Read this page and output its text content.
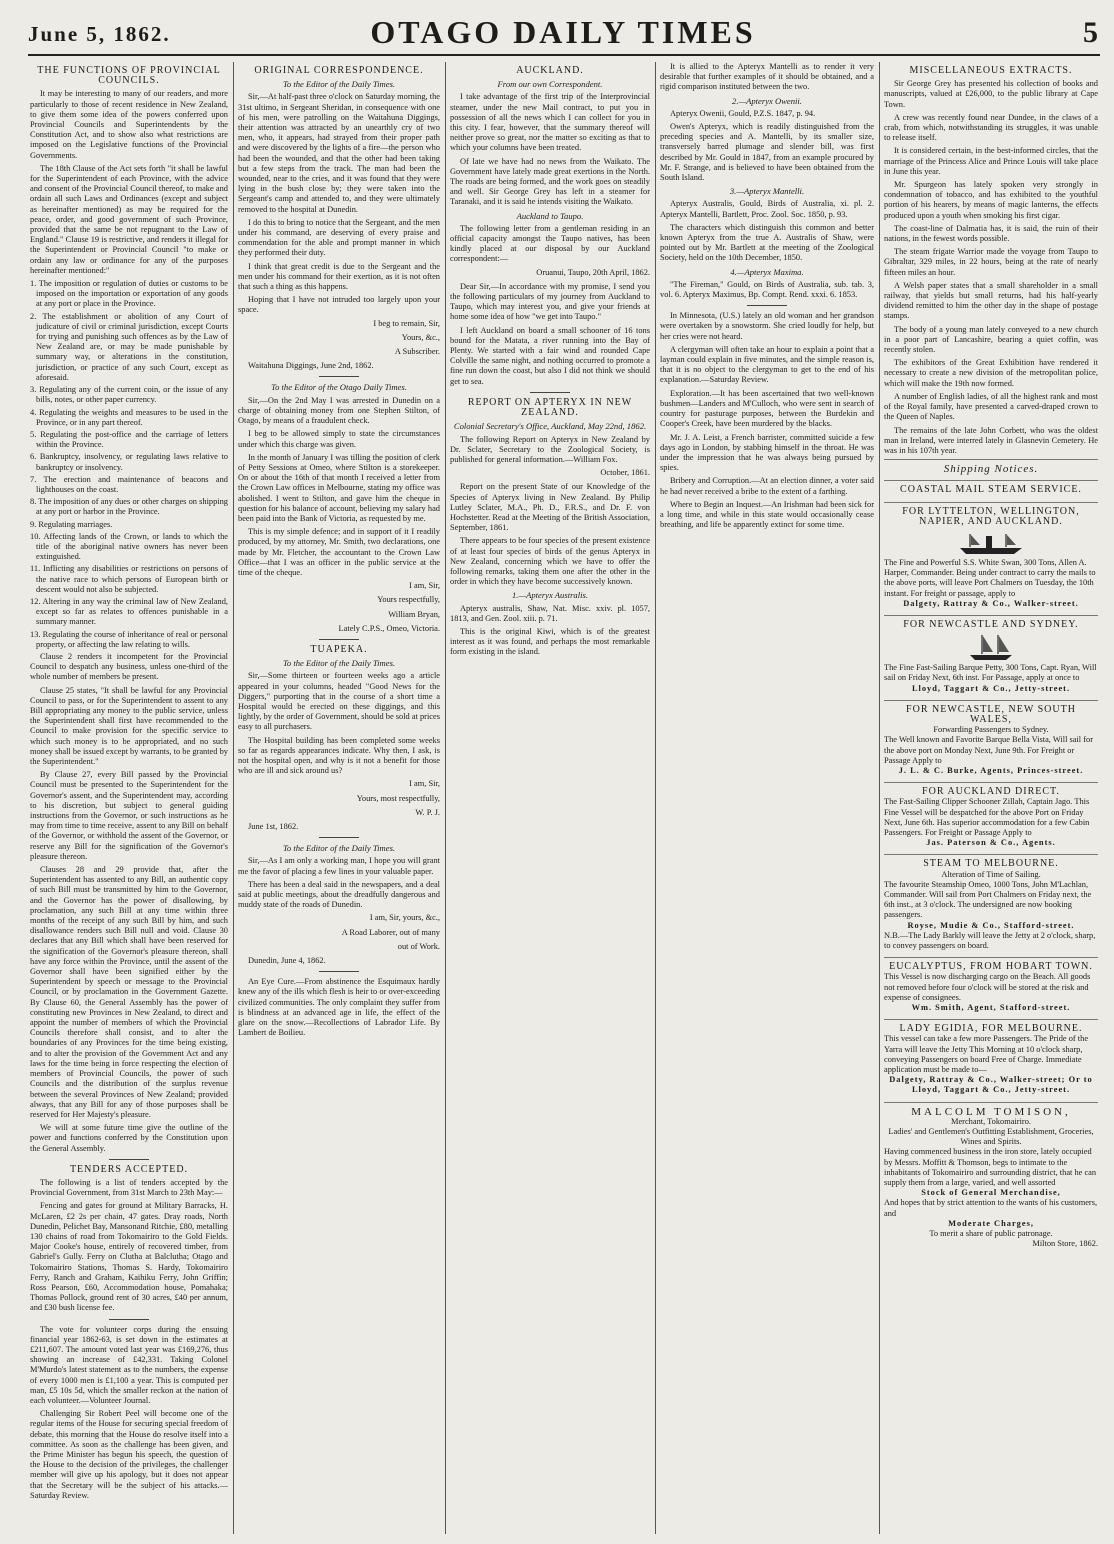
June 5, 1862.	OTAGO DAILY TIMES	5
THE FUNCTIONS OF PROVINCIAL COUNCILS.

It may be interesting to many of our readers, and more particularly to those of recent residence in New Zealand, to give them some idea of the powers conferred upon Provincial Councils and Superintendents by the Constitution Act, and to show also what restrictions are imposed on the Legislative functions of the Provincial Governments.

The 18th Clause of the Act sets forth "it shall be lawful for the Superintendent of each Province, with the advice and consent of the Provincial Council thereof, to make and ordain all such Laws and Ordinances (except and subject as hereinafter mentioned) as may be required for the peace, order, and good government of such Province, provided that the same be not repugnant to the Law of England." Clause 19 is restrictive, and renders it illegal for the Superintendent or Provincial Council "to make or ordain any law or ordinance for any of the purposes hereinafter mentioned:"

1. The imposition or regulation of duties or customs to be imposed on the importation or exportation of any goods at any port or place in the Province.
2. The establishment or abolition of any Court of judicature of civil or criminal jurisdiction, except Courts for trying and punishing such offences as by the Law of New Zealand are, or may be made punishable by summary way, or alterations in the constitution, jurisdiction, or practice of any such Court, except as aforesaid.
3. Regulating any of the current coin, or the issue of any bills, notes, or other paper currency.
4. Regulating the weights and measures to be used in the Province, or in any part thereof.
5. Regulating the post-office and the carriage of letters within the Province.
6. Bankruptcy, insolvency, or regulating laws relative to bankruptcy or insolvency.
7. The erection and maintenance of beacons and lighthouses on the coast.
8. The imposition of any dues or other charges on shipping at any port or harbor in the Province.
9. Regulating marriages.
10. Affecting lands of the Crown, or lands to which the title of the aboriginal native owners has never been extinguished.
11. Inflicting any disabilities or restrictions on persons of the native race to which persons of European birth or descent would not also be subjected.
12. Altering in any way the criminal law of New Zealand, except so far as relates to offences punishable in a summary manner.
13. Regulating the course of inheritance of real or personal property, or affecting the law relating to wills.

Clause 2 renders it incompetent for the Provincial Council to despatch any business, unless one-third of the whole number of members be present.

Clause 25 states, "It shall be lawful for any Provincial Council to pass, or for the Superintendent to assent to any Bill appropriating any money to the public service, unless the Superintendent shall first have recommended to the Council to make provision for the specific service to which such money is to be appropriated, and no such money shall be issued except by warrants, to be granted by the Superintendent."

By Clause 27, every Bill passed by the Provincial Council must be presented to the Superintendent for the Governor's assent, and the Superintendent may, according to his discretion, but subject to general guiding instructions from the Governor, or such instructions as he may from time to time receive, assent to any Bill on behalf of the Governor, or withhold the assent of the Governor, or reserve any Bill for the signification of the Governor's pleasure thereon.

Clauses 28 and 29 provide that, after the Superintendent has assented to any Bill, an authentic copy of such Bill must be transmitted by him to the Governor, and the Governor has the power of disallowing, by proclamation, any such Bill at any time within three months of the receipt of any such Bill by him, and such disallowance renders such Bill null and void. Clause 30 declares that any Bill which shall have been reserved for the signification of the Governor's pleasure thereon, shall have any force within the Province, until the assent of the Governor shall have been signified either by the Superintendent by speech or message to the Provincial Council, or by proclamation in the Government Gazette. By Clause 60, the General Assembly has the power of constituting new Provinces in New Zealand, to direct and appoint the number of members of which the Provincial Councils therefore shall consist, and to alter the boundaries of any Provinces for the time being existing, and to alter the provision of the Government Act and any laws for the time being in force respecting the election of members of Provincial Councils, the power of such Councils and the distribution of the surplus revenue between the several Provinces of New Zealand; provided always, that any Bill for any of those purposes shall be reserved for Her Majesty's pleasure.

We will at some future time give the outline of the power and functions conferred by the Constitution upon the General Assembly.

TENDERS ACCEPTED.

The following is a list of tenders accepted by the Provincial Government, from 31st March to 23th May:—

Fencing and gates for ground at Military Barracks, H. McLaren, £2 2s per chain, 47 gates. Dray roads, North Dunedin, Pelichet Bay, Mansonand Ritchie, £80, metalling 130 chains of road from Tokomairiro to the Gold Fields. Major Cooke's house, entirely of recovered timber, from Gabriel's Gully. Ferry on Clutha at Balclutha; Otago and Tokomairiro Stations, Thomas S. Hardy, Tokomairiro Ferry, Ranch and Graham, Kaihiku Ferry, John Griffin; Ross Pearson, £60, Accommodation house, Pomahaka; Thomas Pollock, ground rent of 30 acres, £40 per annum, and £30 bush license fee.

The vote for volunteer corps during the ensuing financial year 1862-63, is set down in the estimates at £211,607. The amount voted last year was £169,276, thus showing an increase of £42,331. Taking Colonel M'Murdo's latest statement as to the numbers, the expense of every 1000 men is £1,100 a year. This is computed per man, £5 10s 5d, which the smaller reckon at the nation of each volunteer.—Volunteer Journal.

Challenging Sir Robert Peel will become one of the regular items of the House for securing special freedom of debate, this morning that the House do resolve itself into a committee. As soon as the challenge has been given, and the Prime Minister has begun his speech, the question of the House to the decision of the privileges, the challenger member will give up his apology, but it does not appear that the Secretary will be the subject of his attacks.—Saturday Review.

ORIGINAL CORRESPONDENCE.
To the Editor of the Daily Times.

Sir,—At half-past three o'clock on Saturday morning, the 31st ultimo, in Sergeant Sheridan, in consequence with one of his men, were patrolling on the Waitahuna Diggings, their attention was attracted by an unearthly cry of two men, who, it appears, had strayed from their proper path and were discovered by the lights of a fire—the person who had been the wounded, and that the other had been taking but a few steps from the track. The man had been the wounded, near to the cries, and it was found that they were lying in the bush close by; they were taken into the Sergeant's camp and attended to, and they were ultimately removed to the hospital at Dunedin.

I do this to bring to notice that the Sergeant, and the men under his command, are deserving of every praise and commendation for the able and prompt manner in which they performed their duty.

I think that great credit is due to the Sergeant and the men under his command for their exertion, as it is not often that such a thing as this happens.

Hoping that I have not intruded too largely upon your space.

I beg to remain, Sir,
Yours, &c.,
A Subscriber.

Waitahuna Diggings, June 2nd, 1862.

To the Editor of the Otago Daily Times.

Sir,—On the 2nd May I was arrested in Dunedin on a charge of obtaining money from one Stephen Stilton, of Otago, by means of a fraudulent check.

I beg to be allowed simply to state the circumstances under which this charge was given.

In the month of January I was tilling the position of clerk of Petty Sessions at Omeo, where Stilton is a storekeeper. On or about the 16th of that month I received a letter from the Crown Law offices in Melbourne, stating my office was abolished. I went to Stilton, and gave him the cheque in question for his balance of account, believing my salary had been paid into the Bank of Victoria, as requested by me.

This is my simple defence; and in support of it I readily produced, by my attorney, Mr. Smith, two declarations, one made by Mr. Fletcher, the accountant to the Crown Law Office—that I was an officer in the public service at the time of the cheque.

I am, Sir,
Yours respectfully,
William Bryan,
Lately C.P.S., Omeo, Victoria.
TUAPEKA.
To the Editor of the Daily Times.

Sir,—Some thirteen or fourteen weeks ago a article appeared in your columns, headed "Good News for the Diggers," purporting that in the course of a short time a Hospital would be erected on these diggings, and this lightly, by the order of Government, should be sold at prices easy to all purchasers.

The Hospital building has been completed some weeks so far as regards appearances indicate. Why then, I ask, is not the hospital open, and why is it not a benefit for those who are ill and sick around us?

I am, Sir,
Yours, most respectfully,
W. P. J.

June 1st, 1862.

To the Editor of the Daily Times.

Sir,—As I am only a working man, I hope you will grant me the favor of placing a few lines in your valuable paper.

There has been a deal said in the newspapers, and a deal said at public meetings, about the dreadfully dangerous and muddy state of the roads of Dunedin.

I am, Sir, yours, &c.,
A Road Laborer, out of many
out of Work.

Dunedin, June 4, 1862.

An Eye Cure.—From abstinence the Esquimaux hardly knew any of the ills which flesh is heir to or over-exceeding civilized communities. The only complaint they suffer from is blindness at an advanced age in life, the effect of the glare on the snow.—Recollections of Labrador Life. By Lambert de Boilieu.

AUCKLAND.
From our own Correspondent.

I take advantage of the first trip of the Interprovincial steamer, under the new Mail contract, to put you in possession of all the news which I can collect for you in this city. I fear, however, that the summary thereof will neither prove so great, nor the matter so exciting as that to which your columns have been treated.

Of late we have had no news from the Waikato. The Government have lately made great exertions in the North. The roads are being formed, and the work goes on steadily and well. Sir George Grey has left in a steamer for Taranaki, and it is said he intends visiting the Waikato.

Auckland to Taupo.

The following letter from a gentleman residing in an official capacity amongst the Taupo natives, has been kindly placed at our disposal by our Auckland correspondent:—

Oruanui, Taupo, 20th April, 1862.

Dear Sir,—In accordance with my promise, I send you the following particulars of my journey from Auckland to Taupo, which may interest you, and give your friends at home some idea of how "we get into Taupo."

I left Auckland on board a small schooner of 16 tons bound for the Matata, a river running into the Bay of Plenty. We started with a fair wind and rounded Cape Colville the same night, and nothing occurred to promote a fine run down the coast, but also I did not think we should get to sea.

REPORT ON APTERYX IN NEW ZEALAND.
Colonial Secretary's Office, Auckland, May 22nd, 1862.

The following Report on Apteryx in New Zealand by Dr. Sclater, Secretary to the Zoological Society, is published for general information.—William Fox.

October, 1861.

Report on the present State of our Knowledge of the Species of Apteryx living in New Zealand. By Philip Lutley Sclater, M.A., Ph. D., F.R.S., and Dr. F. von Hochstetter. Read at the Meeting of the British Association, September, 1861.

There appears to be four species of the present existence of at least four species of birds of the genus Apteryx in New Zealand, concerning which we have to offer the following remarks, taking them one after the other in the order in which they have become successively known.

1.—Apteryx Australis.

Apteryx australis, Shaw, Nat. Misc. xxiv. pl. 1057, 1813, and Gen. Zool. xiii. p. 71.

This is the original Kiwi, which is of the greatest interest as it was found, and perhaps the most remarkable form existing in the island.

It is allied to the Apteryx Mantelli as to render it very desirable that further examples of it should be obtained, and a rigid comparison instituted between the two.

2.—Apteryx Owenii.

Apteryx Owenii, Gould, P.Z.S. 1847, p. 94.

Owen's Apteryx, which is readily distinguished from the preceding species and A. Mantelli, by its smaller size, transversely barred plumage and slender bill, was first described by Mr. Gould in 1847, from an example procured by Mr. F. Strange, and is believed to have been obtained from the South Island.

3.—Apteryx Mantelli.

Apteryx Australis, Gould, Birds of Australia, xi. pl. 2. Apteryx Mantelli, Bartlett, Proc. Zool. Soc. 1850, p. 93.

The characters which distinguish this common and better known Apteryx from the true A. Australis of Shaw, were pointed out by Mr. Bartlett at the meeting of the Zoological Society, held on the 10th December, 1850.

4.—Apteryx Maxima.

"The Fireman," Gould, on Birds of Australia, sub. tab. 3, vol. 6. Apteryx Maximus, Bp. Compt. Rend. xxxi. 6. 1853.

In Minnesota, (U.S.) lately an old woman and her grandson were overtaken by a snowstorm. She cried loudly for help, but her cries were not heard.

A clergyman will often take an hour to explain a point that a layman could explain in five minutes, and the simple reason is, that it is no object to the clergyman to get to the end of his explanation.—Saturday Review.

Exploration.—It has been ascertained that two well-known bushmen—Landers and M'Culloch, who were sent in search of country for pasturage purposes, between the Burdekin and Cooper's Creek, have been murdered by the blacks.

Mr. J. A. Leist, a French barrister, committed suicide a few days ago in London, by stabbing himself in the throat. He was under the impression that he was always being pursued by spies.

Bribery and Corruption.—At an election dinner, a voter said he had never received a bribe to the extent of a farthing.

Where to Begin an Inquest.—An Irishman had been sick for a long time, and while in this state would occasionally cease breathing, and life be apparently extinct for some time.

MISCELLANEOUS EXTRACTS.

Sir George Grey has presented his collection of books and manuscripts, valued at £26,000, to the public library at Cape Town.

A crew was recently found near Dundee, in the claws of a crab, from which, notwithstanding its struggles, it was unable to release itself.

It is considered certain, in the best-informed circles, that the marriage of the Princess Alice and Prince Louis will take place in June this year.

Mr. Spurgeon has lately spoken very strongly in condemnation of tobacco, and has exhibited to the youthful portion of his hearers, by means of magic lanterns, the effects produced upon a youth when smoking his first cigar.

The coast-line of Dalmatia has, it is said, the ruin of their nations, in the fewest words possible.

The steam frigate Warrior made the voyage from Taupo to Gibraltar, 329 miles, in 22 hours, being at the rate of nearly fifteen miles an hour.

A Welsh paper states that a small shareholder in a small railway, that yields but small returns, had his half-yearly dividend remitted to him the other day in the shape of postage stamps.

The body of a young man lately conveyed to a new church in a poor part of Lancashire, bearing a quiet coffin, was recently stolen.

The exhibitors of the Great Exhibition have rendered it necessary to create a new division of the metropolitan police, which will make the 19th now formed.

A number of English ladies, of all the highest rank and most of the Royal family, have presented a carved-draped crown to the Queen of Naples.

The remains of the late John Corbett, who was the oldest man in Ireland, were interred lately in Glasnevin Cemetery. He was in his 107th year.

Shipping Notices.
COASTAL MAIL STEAM SERVICE.
FOR LYTTELTON, WELLINGTON, NAPIER, AND AUCKLAND.
The Fine and Powerful S.S. White Swan, 300 Tons, Allen A. Harper, Commander. Being under contract to carry the mails to the above ports, will leave Port Chalmers on Tuesday, the 10th instant. For freight or passage, apply to
Dalgety, Rattray & Co., Walker-street.
FOR NEWCASTLE AND SYDNEY.
The Fine Fast-Sailing Barque Petty, 300 Tons, Capt. Ryan, Will sail on Friday Next, 6th inst. For Passage, apply at once to
Lloyd, Taggart & Co., Jetty-street.
FOR NEWCASTLE, NEW SOUTH WALES,
Forwarding Passengers to Sydney.
The Well known and Favorite Barque Bella Vista, Will sail for the above port on Monday Next, June 9th. For Freight or Passage Apply to
J. L. & C. Burke, Agents, Princes-street.
FOR AUCKLAND DIRECT.
The Fast-Sailing Clipper Schooner Zillah, Captain Jago. This Fine Vessel will be despatched for the above Port on Friday Next, June 6th. Has superior accommodation for a few Cabin Passengers. For Freight or Passage Apply to
Jas. Paterson & Co., Agents.
STEAM TO MELBOURNE.
Alteration of Time of Sailing.
The favourite Steamship Omeo, 1000 Tons, John M'Lachlan, Commander. Will sail from Port Chalmers on Friday next, the 6th inst., at 3 o'clock. The undersigned are now booking passengers.
Royse, Mudie & Co., Stafford-street.
N.B.—The Lady Barkly will leave the Jetty at 2 o'clock, sharp, to convey passengers on board.
EUCALYPTUS, FROM HOBART TOWN.
This Vessel is now discharging cargo on the Beach. All goods not removed before four o'clock will be stored at the risk and expense of consignees.
Wm. Smith, Agent, Stafford-street.
LADY EGIDIA, FOR MELBOURNE.
This vessel can take a few more Passengers. The Pride of the Yarra will leave the Jetty This Morning at 10 o'clock sharp, conveying Passengers on board Free of Charge. Immediate application must be made to—
Dalgety, Rattray & Co., Walker-street; Or to Lloyd, Taggart & Co., Jetty-street.
MALCOLM TOMISON,
Merchant, Tokomairiro.
Ladies' and Gentlemen's Outfitting Establishment, Groceries, Wines and Spirits.
Having commenced business in the iron store, lately occupied by Messrs. Moffitt & Thomson, begs to intimate to the inhabitants of Tokomairiro and surrounding district, that he can supply them from a large, varied, and well assorted
Stock of General Merchandise,
And hopes that by strict attention to the wants of his customers, and
Moderate Charges,
To merit a share of public patronage.
Milton Store, 1862.
